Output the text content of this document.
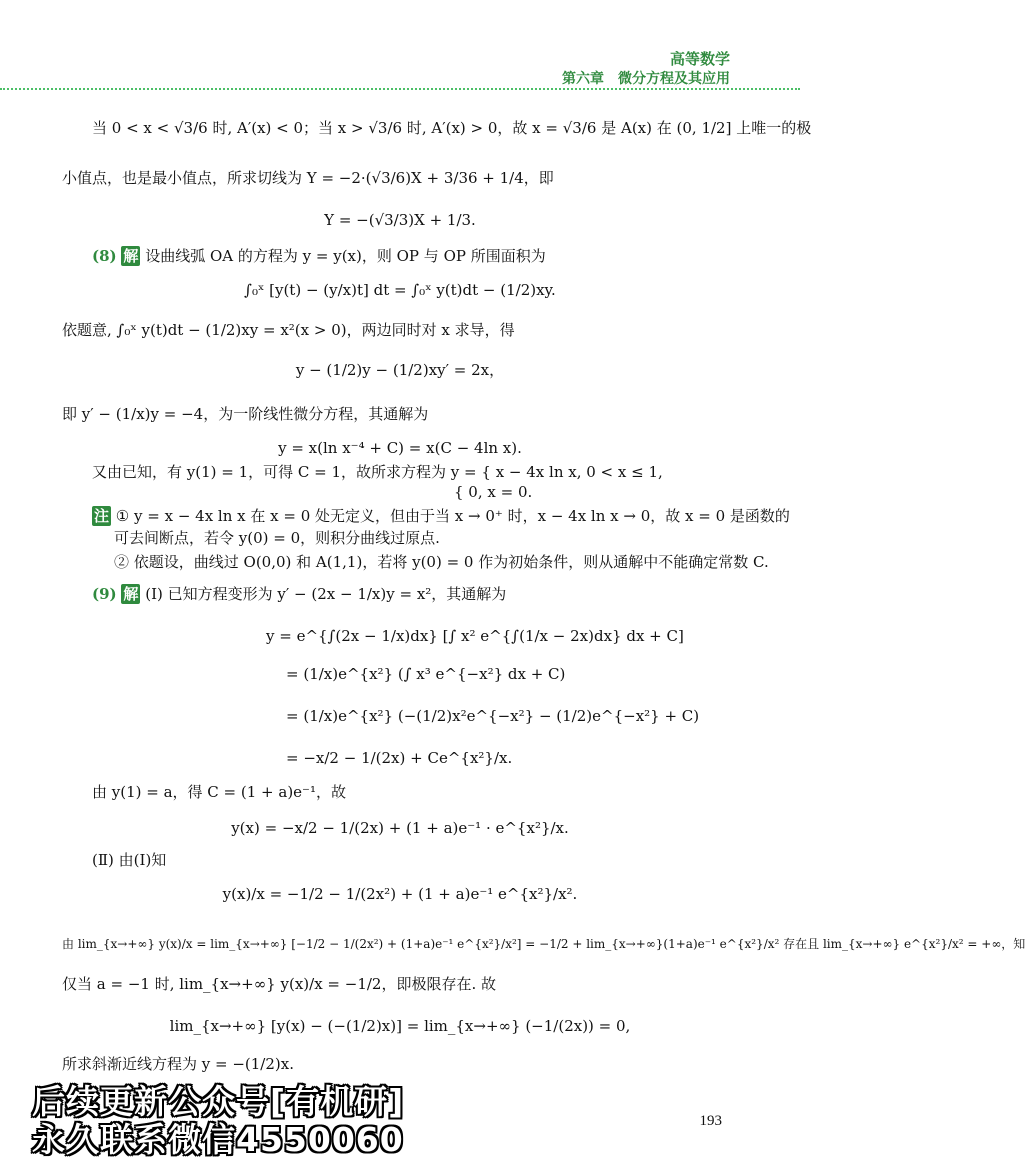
高等数学
第六章　微分方程及其应用
当 0 < x < √3/6 时, A′(x) < 0；当 x > √3/6 时, A′(x) > 0，故 x = √3/6 是 A(x) 在 (0, 1/2] 上唯一的极
小值点，也是最小值点，所求切线为 Y = −2·(√3/6)X + 3/36 + 1/4，即
Y = −(√3/3)X + 1/3.
(8) 解 设曲线弧 OA 的方程为 y = y(x)，则 OP 与 OP 所围面积为
∫₀ˣ [y(t) − (y/x)t] dt = ∫₀ˣ y(t)dt − (1/2)xy.
依题意, ∫₀ˣ y(t)dt − (1/2)xy = x²(x > 0)，两边同时对 x 求导，得
y − (1/2)y − (1/2)xy′ = 2x，
即 y′ − (1/x)y = −4，为一阶线性微分方程，其通解为
y = x(ln x⁻⁴ + C) = x(C − 4ln x).
又由已知，有 y(1) = 1，可得 C = 1，故所求方程为 y = { x − 4x ln x, 0 < x ≤ 1,
{ 0, x = 0.
注 ① y = x − 4x ln x 在 x = 0 处无定义，但由于当 x → 0⁺ 时，x − 4x ln x → 0，故 x = 0 是函数的
可去间断点，若令 y(0) = 0，则积分曲线过原点.
② 依题设，曲线过 O(0,0) 和 A(1,1)，若将 y(0) = 0 作为初始条件，则从通解中不能确定常数 C.
(9) 解 (Ⅰ) 已知方程变形为 y′ − (2x − 1/x)y = x²，其通解为
y = e^{∫(2x − 1/x)dx} [∫ x² e^{∫(1/x − 2x)dx} dx + C]
= (1/x)e^{x²} (∫ x³ e^{−x²} dx + C)
= (1/x)e^{x²} (−(1/2)x²e^{−x²} − (1/2)e^{−x²} + C)
= −x/2 − 1/(2x) + Ce^{x²}/x.
由 y(1) = a，得 C = (1 + a)e⁻¹，故
y(x) = −x/2 − 1/(2x) + (1 + a)e⁻¹ · e^{x²}/x.
(Ⅱ) 由(Ⅰ)知
y(x)/x = −1/2 − 1/(2x²) + (1 + a)e⁻¹ e^{x²}/x².
由 lim_{x→+∞} y(x)/x = lim_{x→+∞} [−1/2 − 1/(2x²) + (1+a)e⁻¹ e^{x²}/x²] = −1/2 + lim_{x→+∞}(1+a)e⁻¹ e^{x²}/x² 存在且 lim_{x→+∞} e^{x²}/x² = +∞，知
仅当 a = −1 时, lim_{x→+∞} y(x)/x = −1/2，即极限存在. 故
lim_{x→+∞} [y(x) − (−(1/2)x)] = lim_{x→+∞} (−1/(2x)) = 0,
所求斜渐近线方程为 y = −(1/2)x.
后续更新公众号[有机研]
永久联系微信4550060	193
